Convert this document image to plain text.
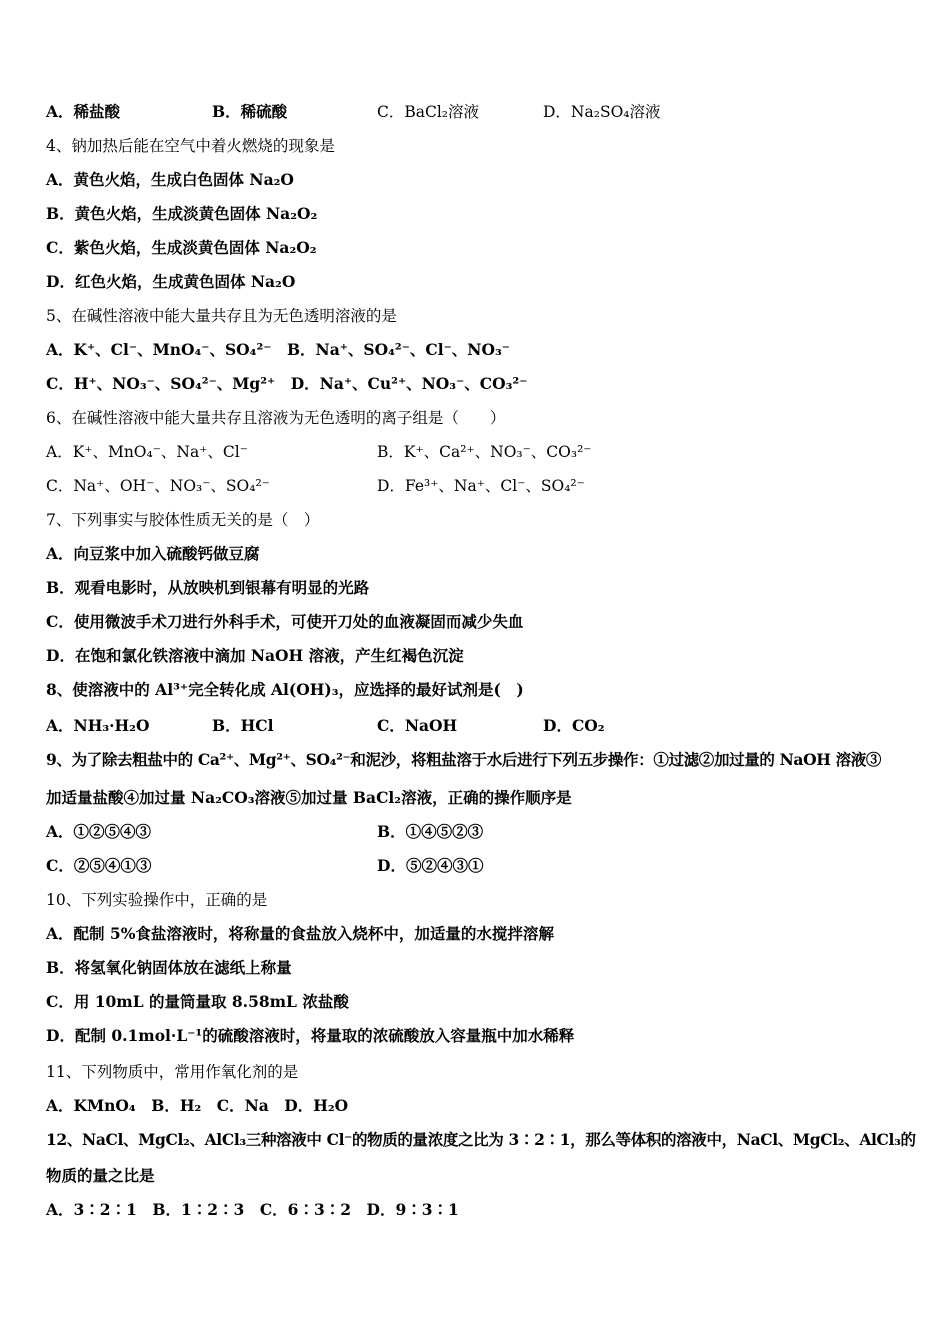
A．稀盐酸	B．稀硫酸	C．BaCl₂溶液	D．Na₂SO₄溶液
4、钠加热后能在空气中着火燃烧的现象是
A．黄色火焰，生成白色固体 Na₂O
B．黄色火焰，生成淡黄色固体 Na₂O₂
C．紫色火焰，生成淡黄色固体 Na₂O₂
D．红色火焰，生成黄色固体 Na₂O
5、在碱性溶液中能大量共存且为无色透明溶液的是
A．K⁺、Cl⁻、MnO₄⁻、SO₄²⁻　B．Na⁺、SO₄²⁻、Cl⁻、NO₃⁻
C．H⁺、NO₃⁻、SO₄²⁻、Mg²⁺　D．Na⁺、Cu²⁺、NO₃⁻、CO₃²⁻
6、在碱性溶液中能大量共存且溶液为无色透明的离子组是（　　）
A．K⁺、MnO₄⁻、Na⁺、Cl⁻	B．K⁺、Ca²⁺、NO₃⁻、CO₃²⁻
C．Na⁺、OH⁻、NO₃⁻、SO₄²⁻	D．Fe³⁺、Na⁺、Cl⁻、SO₄²⁻
7、下列事实与胶体性质无关的是（　）
A．向豆浆中加入硫酸钙做豆腐
B．观看电影时，从放映机到银幕有明显的光路
C．使用微波手术刀进行外科手术，可使开刀处的血液凝固而减少失血
D．在饱和氯化铁溶液中滴加 NaOH 溶液，产生红褐色沉淀
8、使溶液中的 Al³⁺完全转化成 Al(OH)₃，应选择的最好试剂是(　)
A．NH₃·H₂O	B．HCl	C．NaOH	D．CO₂
9、为了除去粗盐中的 Ca²⁺、Mg²⁺、SO₄²⁻和泥沙，将粗盐溶于水后进行下列五步操作：①过滤②加过量的 NaOH 溶液③
加适量盐酸④加过量 Na₂CO₃溶液⑤加过量 BaCl₂溶液，正确的操作顺序是
A．①②⑤④③	B．①④⑤②③
C．②⑤④①③	D．⑤②④③①
10、下列实验操作中，正确的是
A．配制 5%食盐溶液时，将称量的食盐放入烧杯中，加适量的水搅拌溶解
B．将氢氧化钠固体放在滤纸上称量
C．用 10mL 的量筒量取 8.58mL 浓盐酸
D．配制 0.1mol·L⁻¹的硫酸溶液时，将量取的浓硫酸放入容量瓶中加水稀释
11、下列物质中，常用作氧化剂的是
A．KMnO₄　B．H₂　C．Na　D．H₂O
12、NaCl、MgCl₂、AlCl₃三种溶液中 Cl⁻的物质的量浓度之比为 3∶2∶1，那么等体积的溶液中，NaCl、MgCl₂、AlCl₃的
物质的量之比是
A．3∶2∶1　B．1∶2∶3　C．6∶3∶2　D．9∶3∶1
